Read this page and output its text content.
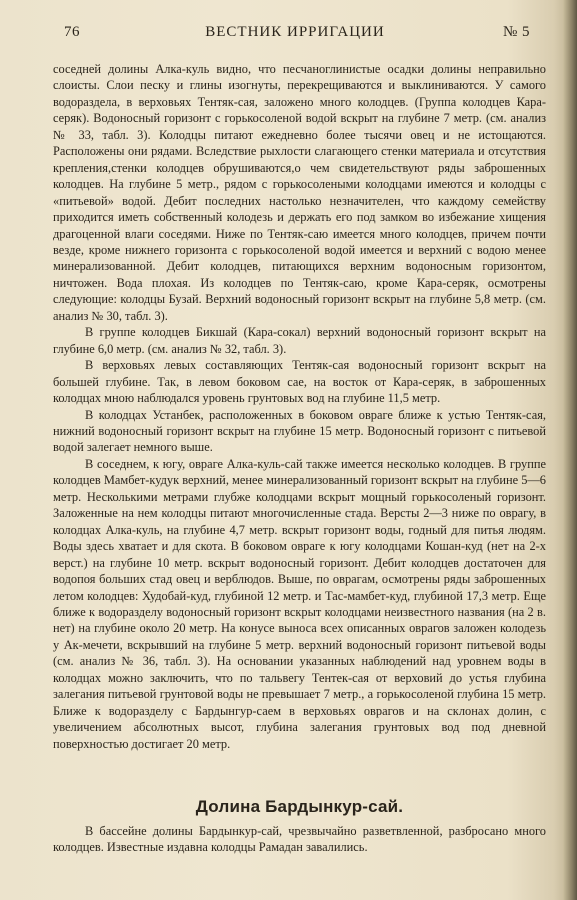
76	ВЕСТНИК ИРРИГАЦИИ	№ 5

соседней долины Алка-куль видно, что песчаноглинистые осадки долины неправильно слоисты. Слои песку и глины изогнуты, перекрещиваются и выклиниваются. У самого водораздела, в верховьях Тентяк-сая, заложено много колодцев. (Группа колодцев Кара-серяк). Водоносный горизонт с горькосоленой водой вскрыт на глубине 7 метр. (см. анализ № 33, табл. 3). Колодцы питают ежедневно более тысячи овец и не истощаются. Расположены они рядами. Вследствие рыхлости слагающего стенки материала и отсутствия крепления,стенки колодцев обрушиваются,о чем свидетельствуют ряды заброшенных колодцев. На глубине 5 метр., рядом с горькосолеными колодцами имеются и колодцы с «питьевой» водой. Дебит последних настолько незначителен, что каждому семейству приходится иметь собственный колодезь и держать его под замком во избежание хищения драгоценной влаги соседями. Ниже по Тентяк-саю имеется много колодцев, причем почти везде, кроме нижнего горизонта с горькосоленой водой имеется и верхний с водою менее минерализованной. Дебит колодцев, питающихся верхним водоносным горизонтом, ничтожен. Вода плохая. Из колодцев по Тентяк-саю, кроме Кара-серяк, осмотрены следующие: колодцы Бузай. Верхний водоносный горизонт вскрыт на глубине 5,8 метр. (см. анализ № 30, табл. 3).

В группе колодцев Бикшай (Кара-сокал) верхний водоносный горизонт вскрыт на глубине 6,0 метр. (см. анализ № 32, табл. 3).

В верховьях левых составляющих Тентяк-сая водоносный горизонт вскрыт на большей глубине. Так, в левом боковом сае, на восток от Кара-серяк, в заброшенных колодцах мною наблюдался уровень грунтовых вод на глубине 11,5 метр.

В колодцах Устанбек, расположенных в боковом овраге ближе к устью Тентяк-сая, нижний водоносный горизонт вскрыт на глубине 15 метр. Водоносный горизонт с питьевой водой залегает немного выше.

В соседнем, к югу, овраге Алка-куль-сай также имеется несколько колодцев. В группе колодцев Мамбет-кудук верхний, менее минерализованный горизонт вскрыт на глубине 5—6 метр. Несколькими метрами глубже колодцами вскрыт мощный горькосоленый горизонт. Заложенные на нем колодцы питают многочисленные стада. Версты 2—3 ниже по оврагу, в колодцах Алка-куль, на глубине 4,7 метр. вскрыт горизонт воды, годный для питья людям. Воды здесь хватает и для скота. В боковом овраге к югу колодцами Кошан-куд (нет на 2-х верст.) на глубине 10 метр. вскрыт водоносный горизонт. Дебит колодцев достаточен для водопоя больших стад овец и верблюдов. Выше, по оврагам, осмотрены ряды заброшенных летом колодцев: Худобай-куд, глубиной 12 метр. и Тас-мамбет-куд, глубиной 17,3 метр. Еще ближе к водоразделу водоносный горизонт вскрыт колодцами неизвестного названия (на 2 в. нет) на глубине около 20 метр. На конусе выноса всех описанных оврагов заложен колодезь у Ак-мечети, вскрывший на глубине 5 метр. верхний водоносный горизонт питьевой воды (см. анализ № 36, табл. 3). На основании указанных наблюдений над уровнем воды в колодцах можно заключить, что по тальвегу Тентек-сая от верховий до устья глубина залегания питьевой грунтовой воды не превышает 7 метр., а горькосоленой глубина 15 метр. Ближе к водоразделу с Бардынгур-саем в верховьях оврагов и на склонах долин, с увеличением абсолютных высот, глубина залегания грунтовых вод под дневной поверхностью достигает 20 метр.

Долина Бардынкур-сай.

В бассейне долины Бардынкур-сай, чрезвычайно разветвленной, разбросано много колодцев. Известные издавна колодцы Рамадан завалились.
